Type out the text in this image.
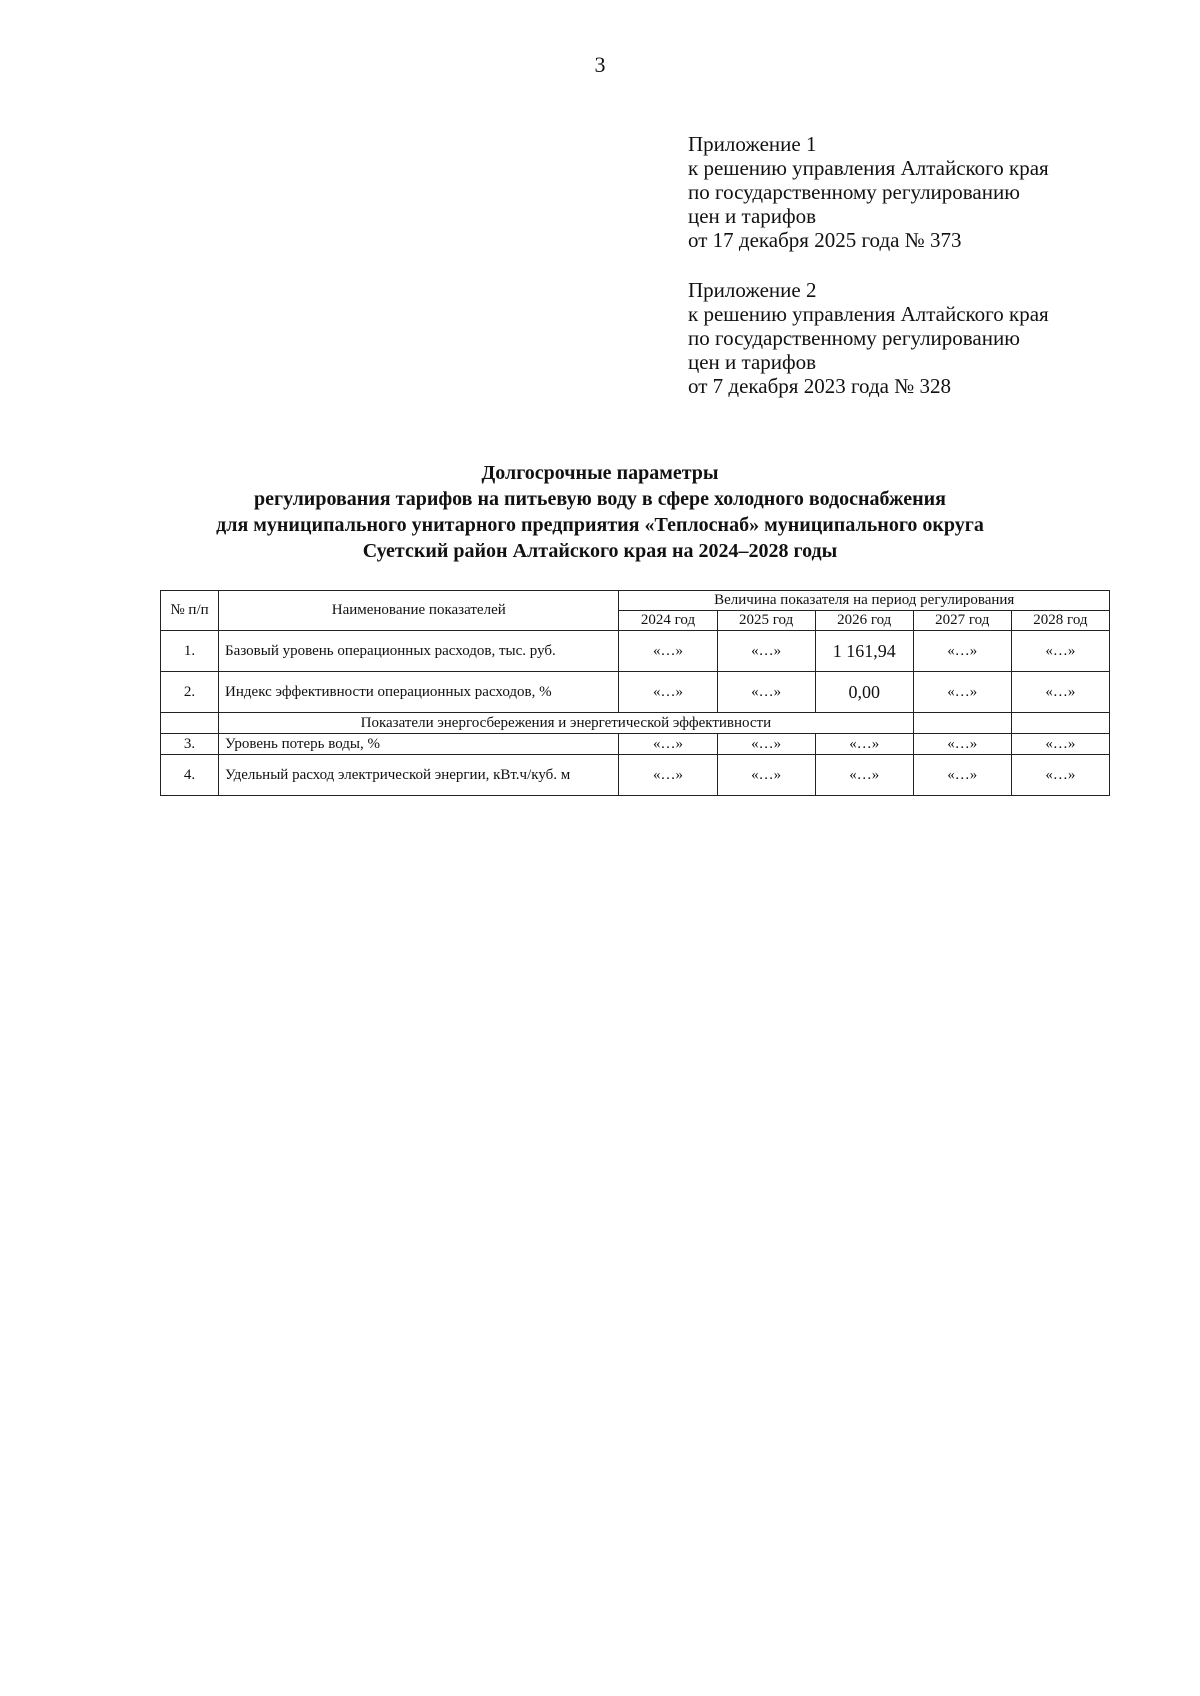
3
Приложение 1
к решению управления Алтайского края
по государственному регулированию
цен и тарифов
от 17 декабря 2025 года № 373
Приложение 2
к решению управления Алтайского края
по государственному регулированию
цен и тарифов
от 7 декабря 2023 года № 328
Долгосрочные параметры
регулирования тарифов на питьевую воду в сфере холодного водоснабжения
для муниципального унитарного предприятия «Теплоснаб» муниципального округа
Суетский район Алтайского края на 2024–2028 годы
№ п/п	Наименование показателей	Величина показателя на период регулирования				
		2024 год	2025 год	2026 год	2027 год	2028 год
1.	Базовый уровень операционных расходов, тыс. руб.	«…»	«…»	1 161,94	«…»	«…»
2.	Индекс эффективности операционных расходов, %	«…»	«…»	0,00	«…»	«…»
	Показатели энергосбережения и энергетической эффективности					
3.	Уровень потерь воды, %	«…»	«…»	«…»	«…»	«…»
4.	Удельный расход электрической энергии, кВт.ч/куб. м	«…»	«…»	«…»	«…»	«…»
